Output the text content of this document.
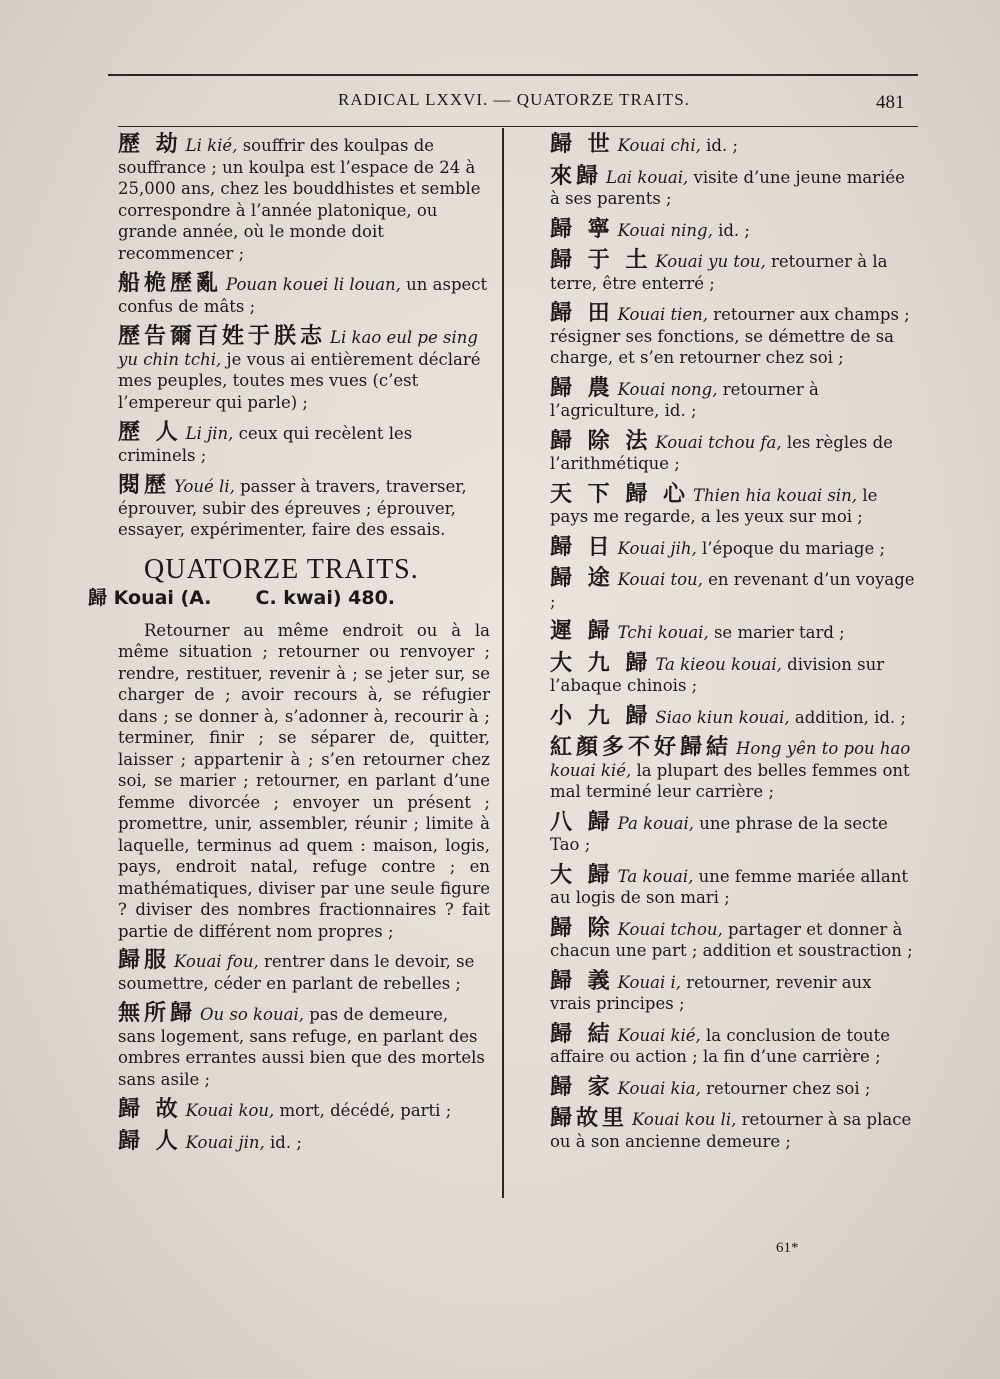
RADICAL LXXVI. — QUATORZE TRAITS.	481
歷 劫 Li kié, souffrir des koulpas de souffrance ; un koulpa est l’espace de 24 à 25,000 ans, chez les bouddhistes et semble correspondre à l’année platonique, ou grande année, où le monde doit recommencer ;
船桅歷亂 Pouan kouei li louan, un aspect confus de mâts ;
歷告爾百姓于朕志 Li kao eul pe sing yu chin tchi, je vous ai entièrement déclaré mes peuples, toutes mes vues (c’est l’empereur qui parle) ;
歷 人 Li jin, ceux qui recèlent les criminels ;
閱歷 Youé li, passer à travers, traverser, éprouver, subir des épreuves ; éprouver, essayer, expérimenter, faire des essais.
QUATORZE TRAITS.
歸 Kouai (A. C. kwai) 480.
Retourner au même endroit ou à la même situation ; retourner ou renvoyer ; rendre, restituer, revenir à ; se jeter sur, se charger de ; avoir recours à, se réfugier dans ; se donner à, s’adonner à, recourir à ; terminer, finir ; se séparer de, quitter, laisser ; appartenir à ; s’en retourner chez soi, se marier ; retourner, en parlant d’une femme divorcée ; envoyer un présent ; promettre, unir, assembler, réunir ; limite à laquelle, terminus ad quem : maison, logis, pays, endroit natal, refuge contre ; en mathématiques, diviser par une seule figure ? diviser des nombres fractionnaires ? fait partie de différent nom propres ;
歸服 Kouai fou, rentrer dans le devoir, se soumettre, céder en parlant de rebelles ;
無所歸 Ou so kouai, pas de demeure, sans logement, sans refuge, en parlant des ombres errantes aussi bien que des mortels sans asile ;
歸 故 Kouai kou, mort, décédé, parti ;
歸 人 Kouai jin, id. ;
歸 世 Kouai chi, id. ;
來歸 Lai kouai, visite d’une jeune mariée à ses parents ;
歸 寧 Kouai ning, id. ;
歸 于 土 Kouai yu tou, retourner à la terre, être enterré ;
歸 田 Kouai tien, retourner aux champs ; résigner ses fonctions, se démettre de sa charge, et s’en retourner chez soi ;
歸 農 Kouai nong, retourner à l’agriculture, id. ;
歸 除 法 Kouai tchou fa, les règles de l’arithmétique ;
天 下 歸 心 Thien hia kouai sin, le pays me regarde, a les yeux sur moi ;
歸 日 Kouai jih, l’époque du mariage ;
歸 途 Kouai tou, en revenant d’un voyage ;
遲 歸 Tchi kouai, se marier tard ;
大 九 歸 Ta kieou kouai, division sur l’abaque chinois ;
小 九 歸 Siao kiun kouai, addition, id. ;
紅顏多不好歸結 Hong yên to pou hao kouai kié, la plupart des belles femmes ont mal terminé leur carrière ;
八 歸 Pa kouai, une phrase de la secte Tao ;
大 歸 Ta kouai, une femme mariée allant au logis de son mari ;
歸 除 Kouai tchou, partager et donner à chacun une part ; addition et soustraction ;
歸 義 Kouai i, retourner, revenir aux vrais principes ;
歸 結 Kouai kié, la conclusion de toute affaire ou action ; la fin d’une carrière ;
歸 家 Kouai kia, retourner chez soi ;
歸故里 Kouai kou li, retourner à sa place ou à son ancienne demeure ;
61*
